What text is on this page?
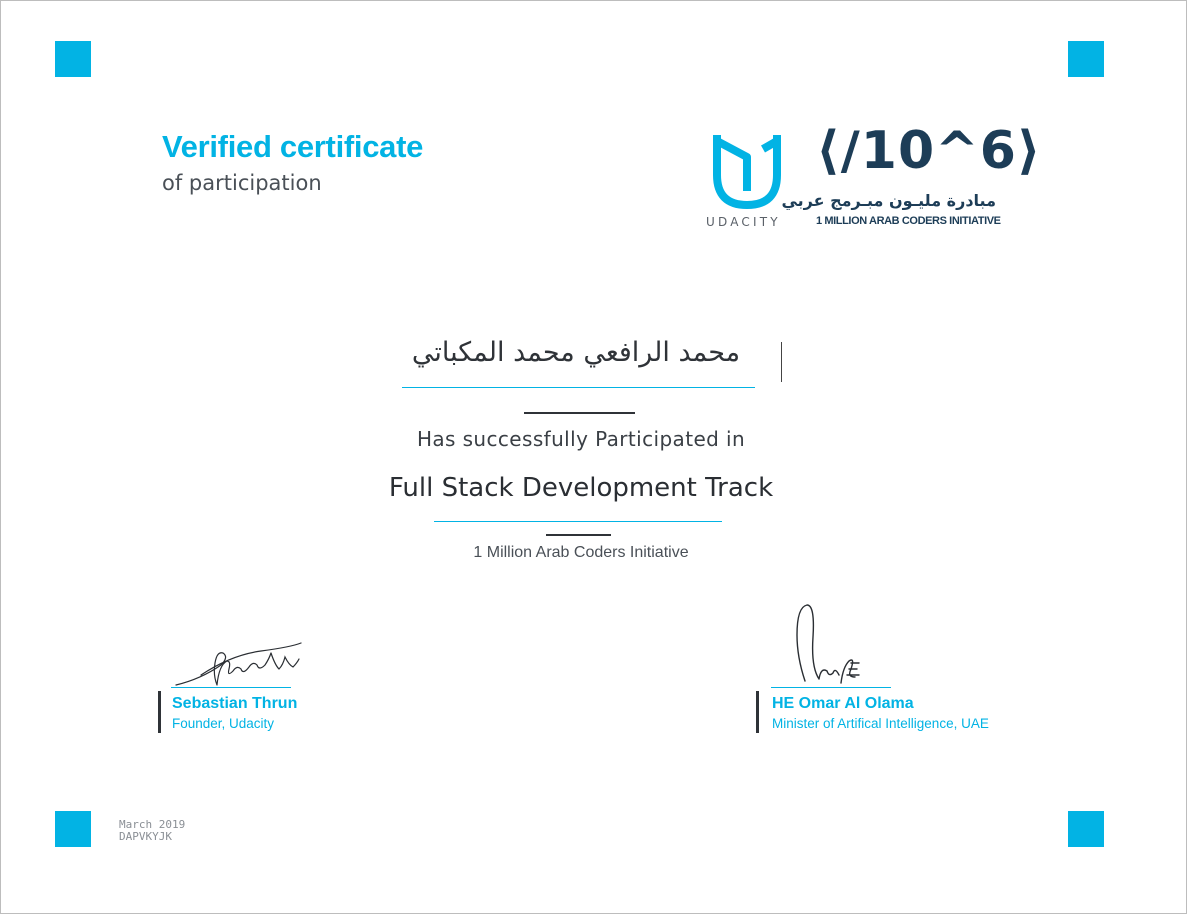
Verified certificate
of participation
UDACITY
⟨/10^6⟩
مبادرة مليـون مبـرمج عربي
1 MILLION ARAB CODERS INITIATIVE
محمد الرافعي محمد المكباتي
Has successfully Participated in
Full Stack Development Track
1 Million Arab Coders Initiative
Sebastian Thrun
Founder, Udacity
HE Omar Al Olama
Minister of Artifical Intelligence, UAE
March 2019
DAPVKYJK
